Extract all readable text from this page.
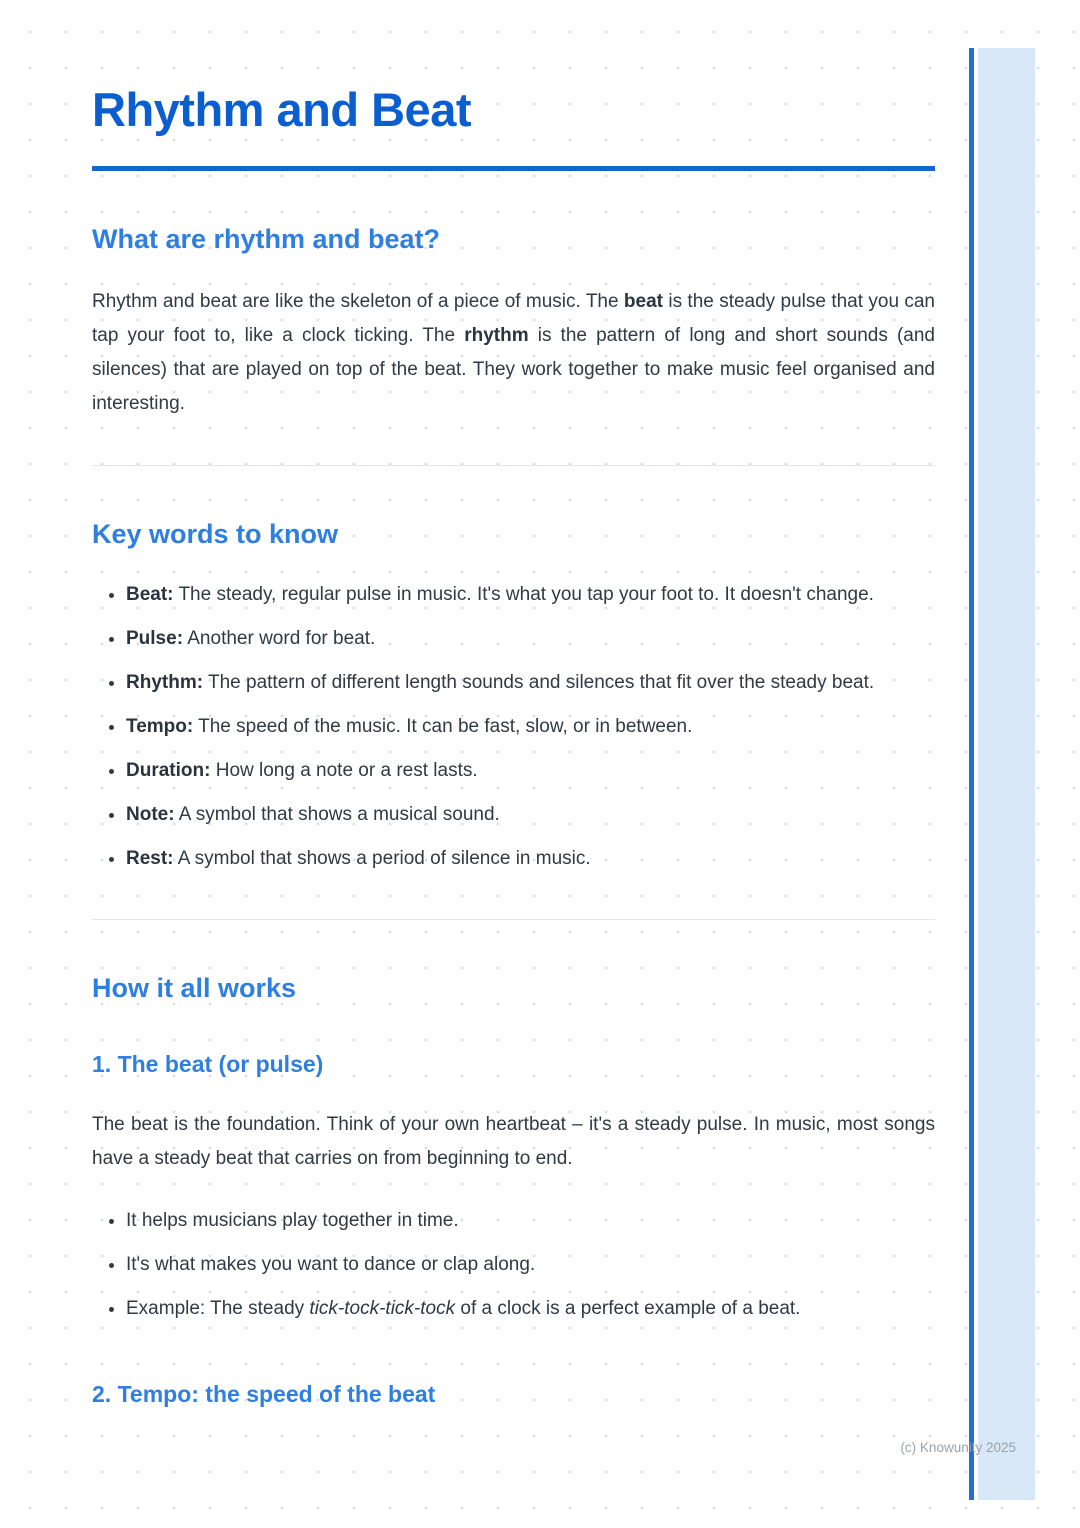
Rhythm and Beat
What are rhythm and beat?

Rhythm and beat are like the skeleton of a piece of music. The beat is the steady pulse that you can tap your foot to, like a clock ticking. The rhythm is the pattern of long and short sounds (and silences) that are played on top of the beat. They work together to make music feel organised and interesting.

Key words to know
• Beat: The steady, regular pulse in music. It's what you tap your foot to. It doesn't change.
• Pulse: Another word for beat.
• Rhythm: The pattern of different length sounds and silences that fit over the steady beat.
• Tempo: The speed of the music. It can be fast, slow, or in between.
• Duration: How long a note or a rest lasts.
• Note: A symbol that shows a musical sound.
• Rest: A symbol that shows a period of silence in music.
How it all works
1. The beat (or pulse)

The beat is the foundation. Think of your own heartbeat – it's a steady pulse. In music, most songs have a steady beat that carries on from beginning to end.

• It helps musicians play together in time.
• It's what makes you want to dance or clap along.
• Example: The steady tick-tock-tick-tock of a clock is a perfect example of a beat.
2. Tempo: the speed of the beat
(c) Knowunity 2025
